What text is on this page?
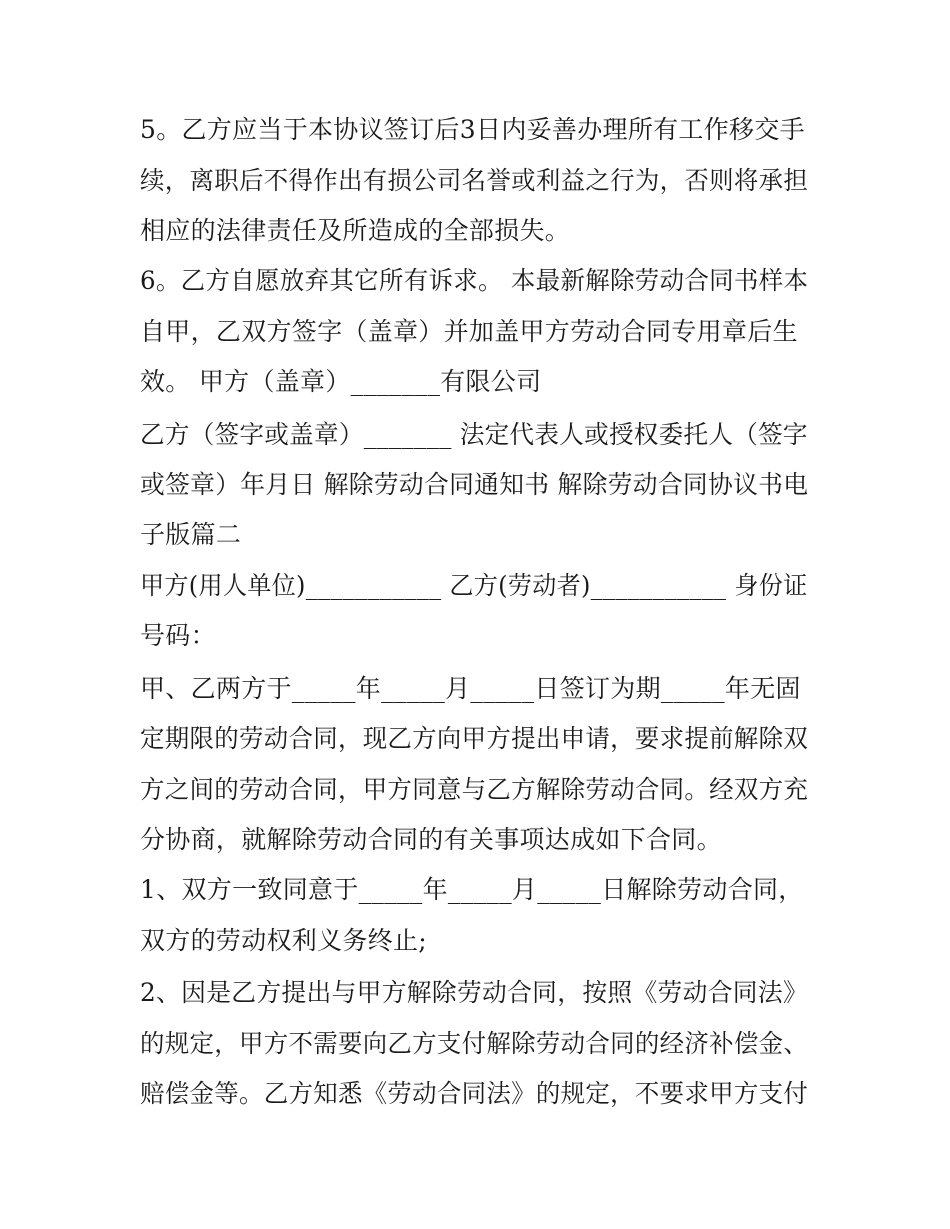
5。乙方应当于本协议签订后3日内妥善办理所有工作移交手
续，离职后不得作出有损公司名誉或利益之行为，否则将承担
相应的法律责任及所造成的全部损失。
6。乙方自愿放弃其它所有诉求。 本最新解除劳动合同书样本
自甲，乙双方签字（盖章）并加盖甲方劳动合同专用章后生
效。 甲方（盖章）_______有限公司
乙方（签字或盖章）_______ 法定代表人或授权委托人（签字
或签章）年月日 解除劳动合同通知书 解除劳动合同协议书电
子版篇二
甲方(用人单位)___________ 乙方(劳动者)___________ 身份证
号码：
甲、乙两方于_____年_____月_____日签订为期_____年无固
定期限的劳动合同，现乙方向甲方提出申请，要求提前解除双
方之间的劳动合同，甲方同意与乙方解除劳动合同。经双方充
分协商，就解除劳动合同的有关事项达成如下合同。
1、双方一致同意于_____年_____月_____日解除劳动合同，
双方的劳动权利义务终止;
2、因是乙方提出与甲方解除劳动合同，按照《劳动合同法》
的规定，甲方不需要向乙方支付解除劳动合同的经济补偿金、
赔偿金等。乙方知悉《劳动合同法》的规定，不要求甲方支付
